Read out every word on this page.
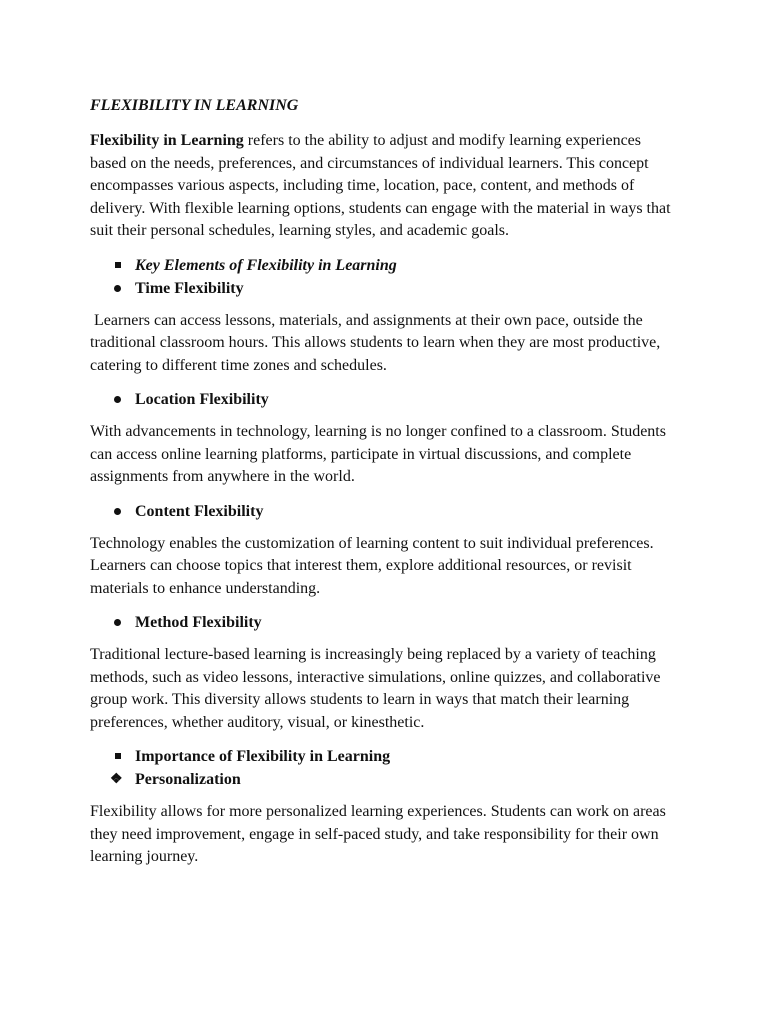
FLEXIBILITY IN LEARNING

Flexibility in Learning refers to the ability to adjust and modify learning experiences based on the needs, preferences, and circumstances of individual learners. This concept encompasses various aspects, including time, location, pace, content, and methods of delivery. With flexible learning options, students can engage with the material in ways that suit their personal schedules, learning styles, and academic goals.

Key Elements of Flexibility in Learning

Time Flexibility

Learners can access lessons, materials, and assignments at their own pace, outside the traditional classroom hours. This allows students to learn when they are most productive, catering to different time zones and schedules.

Location Flexibility

With advancements in technology, learning is no longer confined to a classroom. Students can access online learning platforms, participate in virtual discussions, and complete assignments from anywhere in the world.

Content Flexibility

Technology enables the customization of learning content to suit individual preferences. Learners can choose topics that interest them, explore additional resources, or revisit materials to enhance understanding.

Method Flexibility

Traditional lecture-based learning is increasingly being replaced by a variety of teaching methods, such as video lessons, interactive simulations, online quizzes, and collaborative group work. This diversity allows students to learn in ways that match their learning preferences, whether auditory, visual, or kinesthetic.

Importance of Flexibility in Learning

❖ Personalization

Flexibility allows for more personalized learning experiences. Students can work on areas they need improvement, engage in self-paced study, and take responsibility for their own learning journey.
